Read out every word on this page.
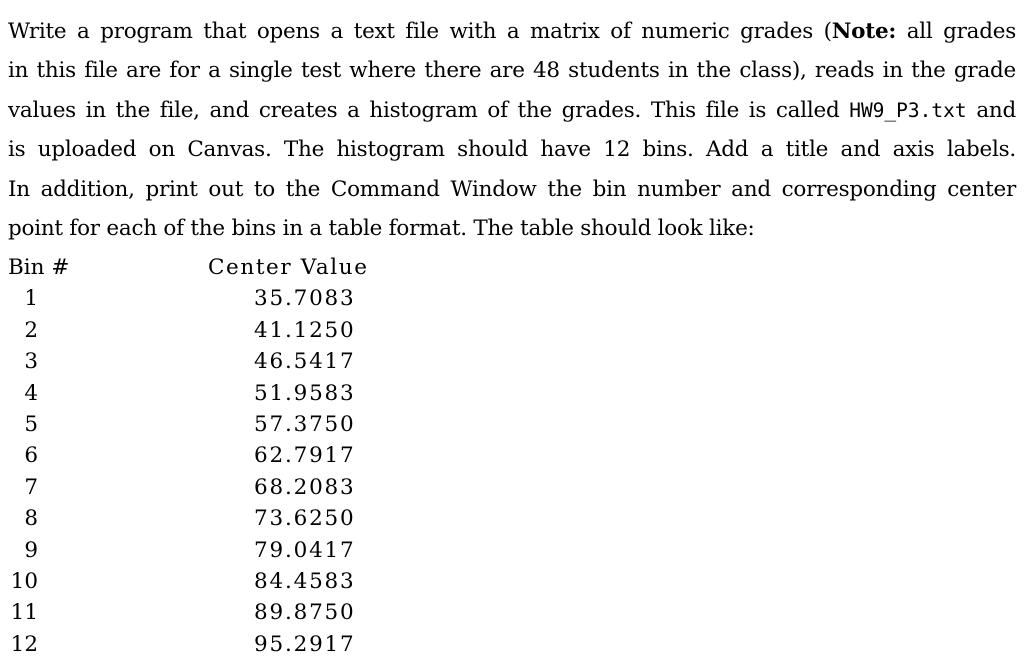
Write a program that opens a text file with a matrix of numeric grades (Note: all grades
in this file are for a single test where there are 48 students in the class), reads in the grade
values in the file, and creates a histogram of the grades. This file is called HW9_P3.txt and
is uploaded on Canvas. The histogram should have 12 bins. Add a title and axis labels.
In addition, print out to the Command Window the bin number and corresponding center
point for each of the bins in a table format. The table should look like:

Bin #	Center Value
1	35.7083
2	41.1250
3	46.5417
4	51.9583
5	57.3750
6	62.7917
7	68.2083
8	73.6250
9	79.0417
10	84.4583
11	89.8750
12	95.2917
